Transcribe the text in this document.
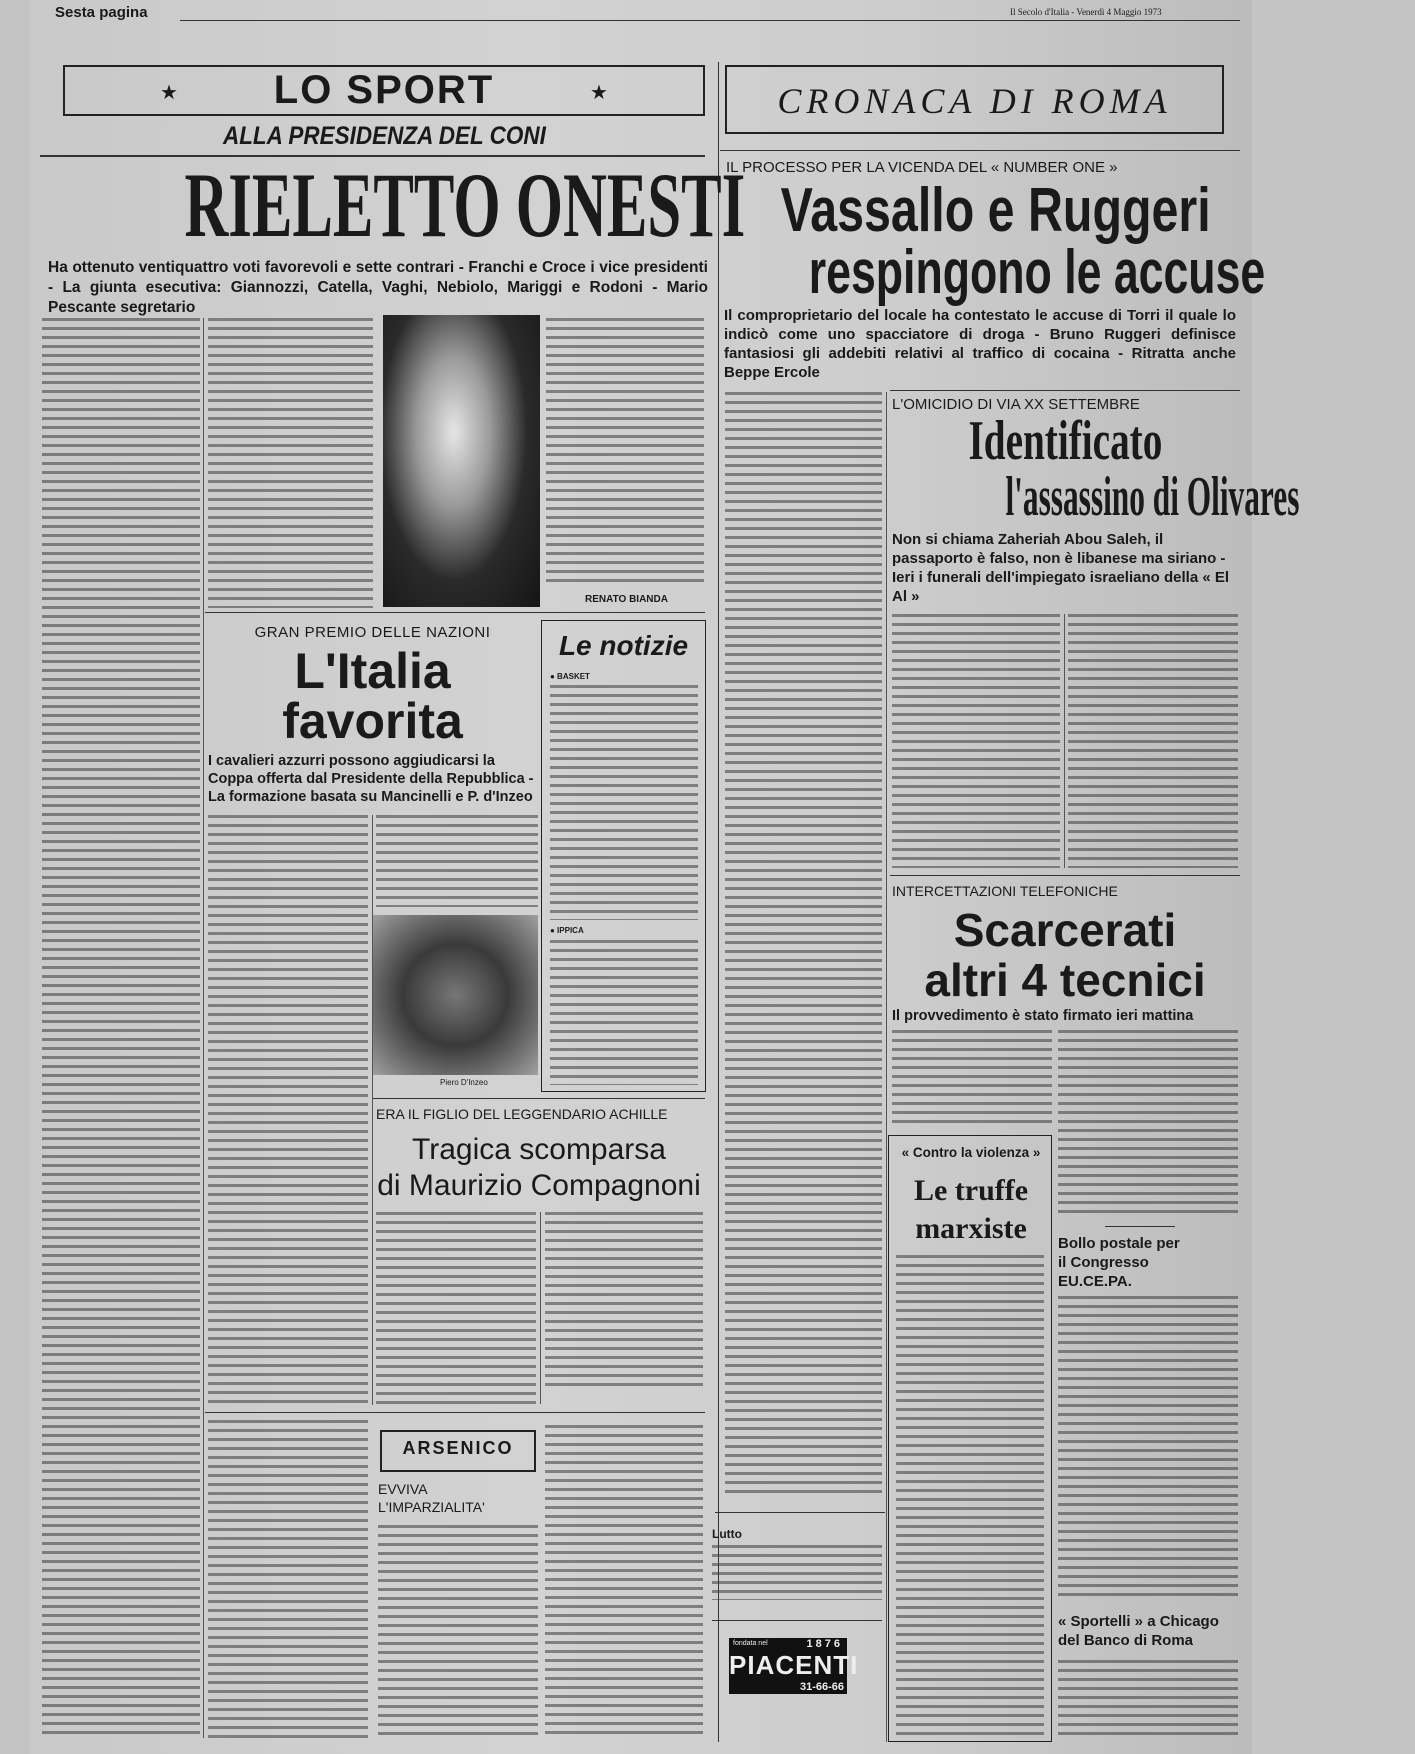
Sesta pagina	Il Secolo d'Italia - Venerdì 4 Maggio 1973
★	★
LO SPORT
ALLA PRESIDENZA DEL CONI
RIELETTO ONESTI
Ha ottenuto ventiquattro voti favorevoli e sette contrari - Franchi e Croce i vice presidenti - La giunta esecutiva: Giannozzi, Catella, Vaghi, Nebiolo, Mariggi e Rodoni - Mario Pescante segretario
RENATO BIANDA
GRAN PREMIO DELLE NAZIONI
L'Italia
favorita
I cavalieri azzurri possono aggiudicarsi la Coppa offerta dal Presidente della Repubblica - La formazione basata su Mancinelli e P. d'Inzeo
Piero D'Inzeo
Le notizie
● BASKET
● IPPICA
ERA IL FIGLIO DEL LEGGENDARIO ACHILLE
Tragica scomparsa
di Maurizio Compagnoni
ARSENICO
EVVIVA
L'IMPARZIALITA'
CRONACA DI ROMA
IL PROCESSO PER LA VICENDA DEL « NUMBER ONE »
Vassallo e Ruggeri
respingono le accuse
Il comproprietario del locale ha contestato le accuse di Torri il quale lo indicò come uno spacciatore di droga - Bruno Ruggeri definisce fantasiosi gli addebiti relativi al traffico di cocaina - Ritratta anche Beppe Ercole
L'OMICIDIO DI VIA XX SETTEMBRE
Identificato
l'assassino di Olivares
Non si chiama Zaheriah Abou Saleh, il passaporto è falso, non è libanese ma siriano - Ieri i funerali dell'impiegato israeliano della « El Al »
INTERCETTAZIONI TELEFONICHE
Scarcerati
altri 4 tecnici
Il provvedimento è stato firmato ieri mattina
« Contro la violenza »
Le truffe
marxiste	Bollo postale per il Congresso EU.CE.PA.
« Sportelli » a Chicago del Banco di Roma
Lutto
fondata nel	1876
PIACENTI
31-66-66
